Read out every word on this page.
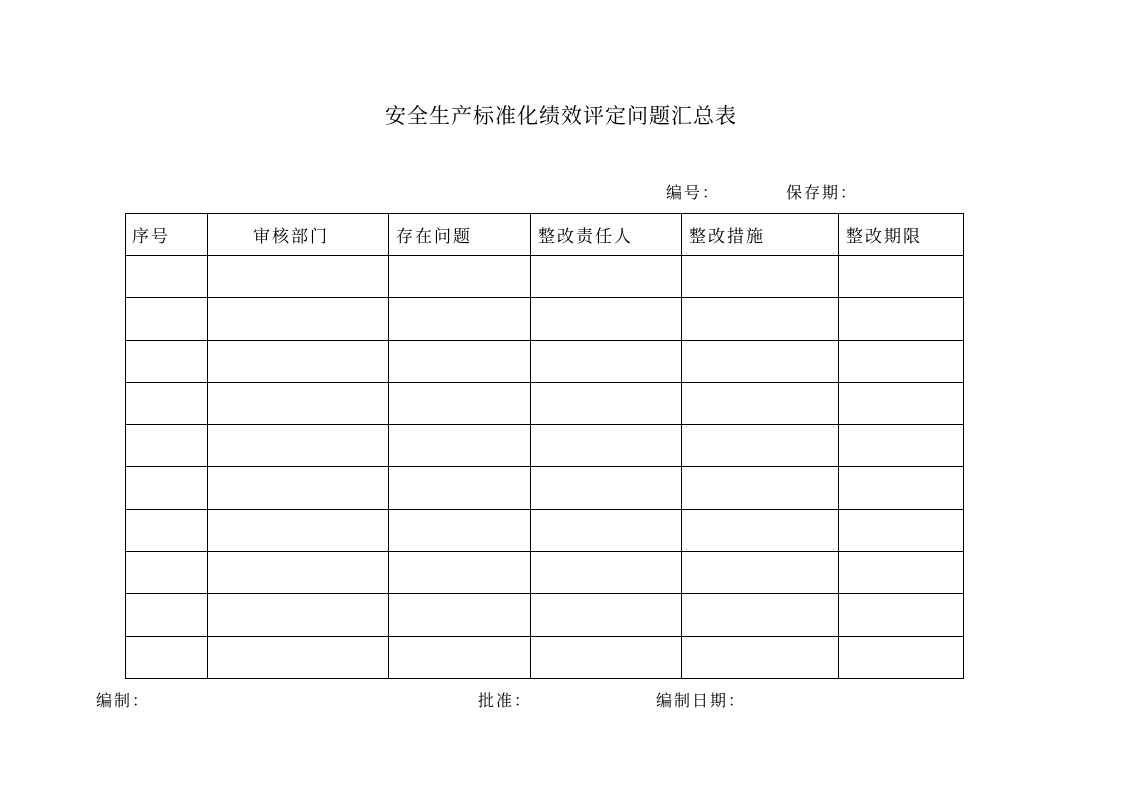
安全生产标准化绩效评定问题汇总表
编号：	保存期：
序号	审核部门	存在问题	整改责任人	整改措施	整改期限

编制：	批准：	编制日期：
